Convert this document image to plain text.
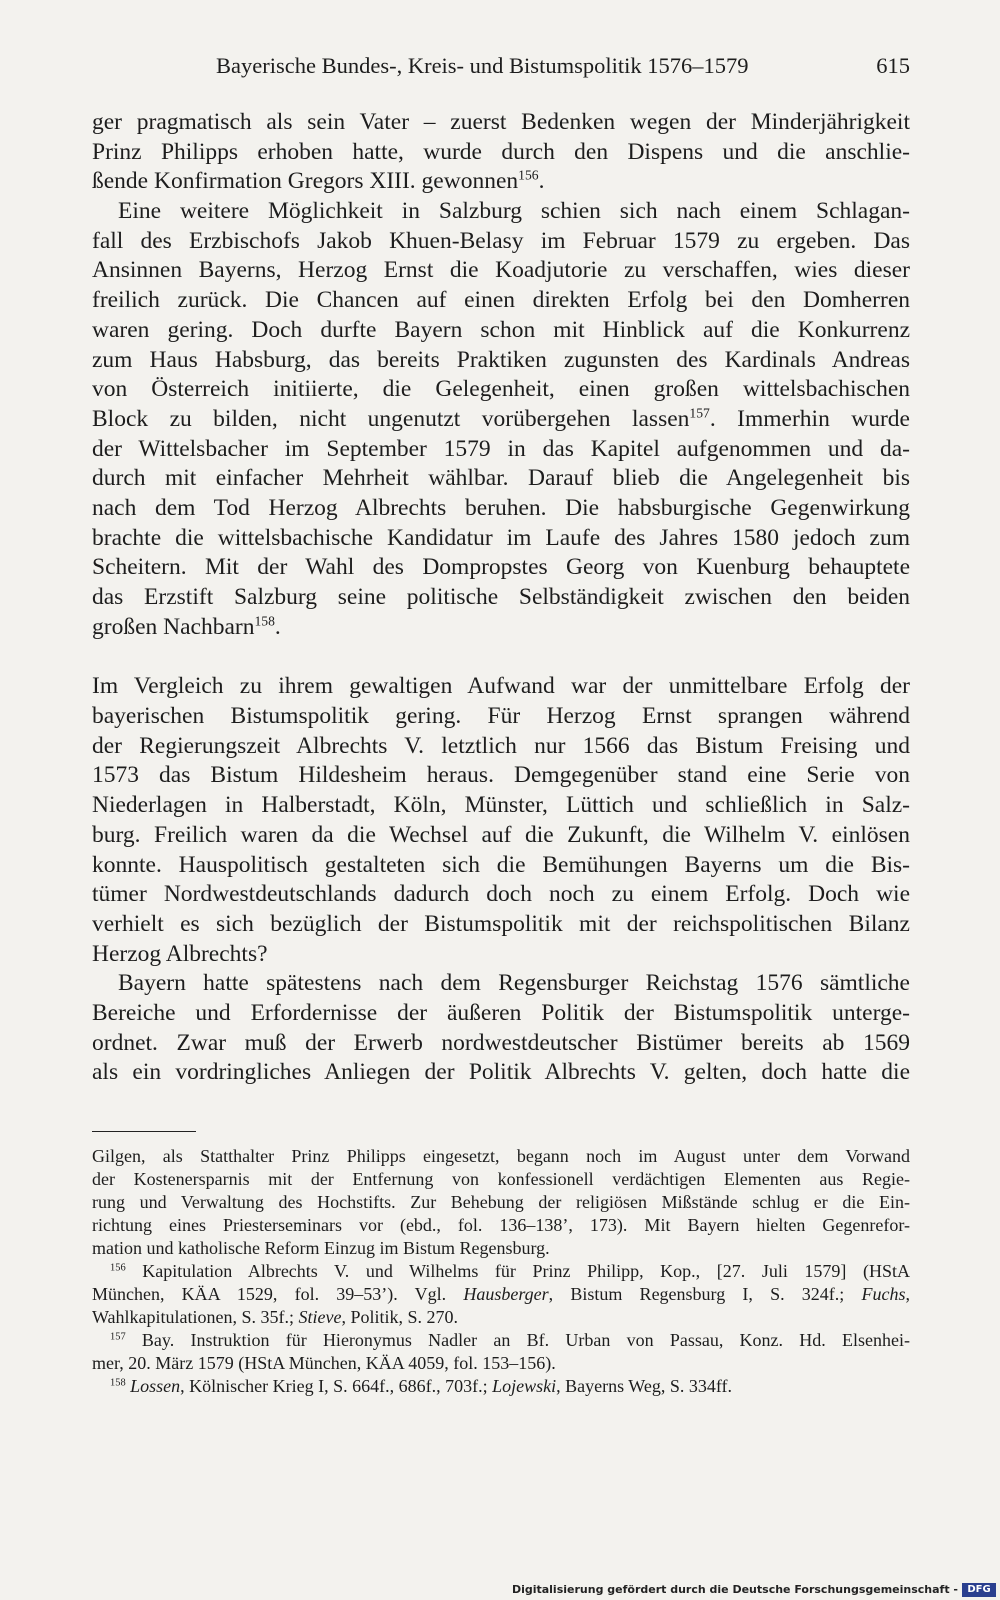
Bayerische Bundes-, Kreis- und Bistumspolitik 1576–1579	615
ger pragmatisch als sein Vater – zuerst Bedenken wegen der Minderjährigkeit
Prinz Philipps erhoben hatte, wurde durch den Dispens und die anschlie-
ßende Konfirmation Gregors XIII. gewonnen$^{156}$.
Eine weitere Möglichkeit in Salzburg schien sich nach einem Schlagan-
fall des Erzbischofs Jakob Khuen-Belasy im Februar 1579 zu ergeben. Das
Ansinnen Bayerns, Herzog Ernst die Koadjutorie zu verschaffen, wies dieser
freilich zurück. Die Chancen auf einen direkten Erfolg bei den Domherren
waren gering. Doch durfte Bayern schon mit Hinblick auf die Konkurrenz
zum Haus Habsburg, das bereits Praktiken zugunsten des Kardinals Andreas
von Österreich initiierte, die Gelegenheit, einen großen wittelsbachischen
Block zu bilden, nicht ungenutzt vorübergehen lassen$^{157}$. Immerhin wurde
der Wittelsbacher im September 1579 in das Kapitel aufgenommen und da-
durch mit einfacher Mehrheit wählbar. Darauf blieb die Angelegenheit bis
nach dem Tod Herzog Albrechts beruhen. Die habsburgische Gegenwirkung
brachte die wittelsbachische Kandidatur im Laufe des Jahres 1580 jedoch zum
Scheitern. Mit der Wahl des Dompropstes Georg von Kuenburg behauptete
das Erzstift Salzburg seine politische Selbständigkeit zwischen den beiden
großen Nachbarn$^{158}$.
Im Vergleich zu ihrem gewaltigen Aufwand war der unmittelbare Erfolg der
bayerischen Bistumspolitik gering. Für Herzog Ernst sprangen während
der Regierungszeit Albrechts V. letztlich nur 1566 das Bistum Freising und
1573 das Bistum Hildesheim heraus. Demgegenüber stand eine Serie von
Niederlagen in Halberstadt, Köln, Münster, Lüttich und schließlich in Salz-
burg. Freilich waren da die Wechsel auf die Zukunft, die Wilhelm V. einlösen
konnte. Hauspolitisch gestalteten sich die Bemühungen Bayerns um die Bis-
tümer Nordwestdeutschlands dadurch doch noch zu einem Erfolg. Doch wie
verhielt es sich bezüglich der Bistumspolitik mit der reichspolitischen Bilanz
Herzog Albrechts?
Bayern hatte spätestens nach dem Regensburger Reichstag 1576 sämtliche
Bereiche und Erfordernisse der äußeren Politik der Bistumspolitik unterge-
ordnet. Zwar muß der Erwerb nordwestdeutscher Bistümer bereits ab 1569
als ein vordringliches Anliegen der Politik Albrechts V. gelten, doch hatte die
Gilgen, als Statthalter Prinz Philipps eingesetzt, begann noch im August unter dem Vorwand
der Kostenersparnis mit der Entfernung von konfessionell verdächtigen Elementen aus Regie-
rung und Verwaltung des Hochstifts. Zur Behebung der religiösen Mißstände schlug er die Ein-
richtung eines Priesterseminars vor (ebd., fol. 136–138’, 173). Mit Bayern hielten Gegenrefor-
mation und katholische Reform Einzug im Bistum Regensburg.
$^{156}$ Kapitulation Albrechts V. und Wilhelms für Prinz Philipp, Kop., [27. Juli 1579] (HStA
München, KÄA 1529, fol. 39–53’). Vgl. Hausberger, Bistum Regensburg I, S. 324f.; Fuchs,
Wahlkapitulationen, S. 35f.; Stieve, Politik, S. 270.
$^{157}$ Bay. Instruktion für Hieronymus Nadler an Bf. Urban von Passau, Konz. Hd. Elsenhei-
mer, 20. März 1579 (HStA München, KÄA 4059, fol. 153–156).
$^{158}$ Lossen, Kölnischer Krieg I, S. 664f., 686f., 703f.; Lojewski, Bayerns Weg, S. 334ff.
Digitalisierung gefördert durch die Deutsche Forschungsgemeinschaft - DFG
